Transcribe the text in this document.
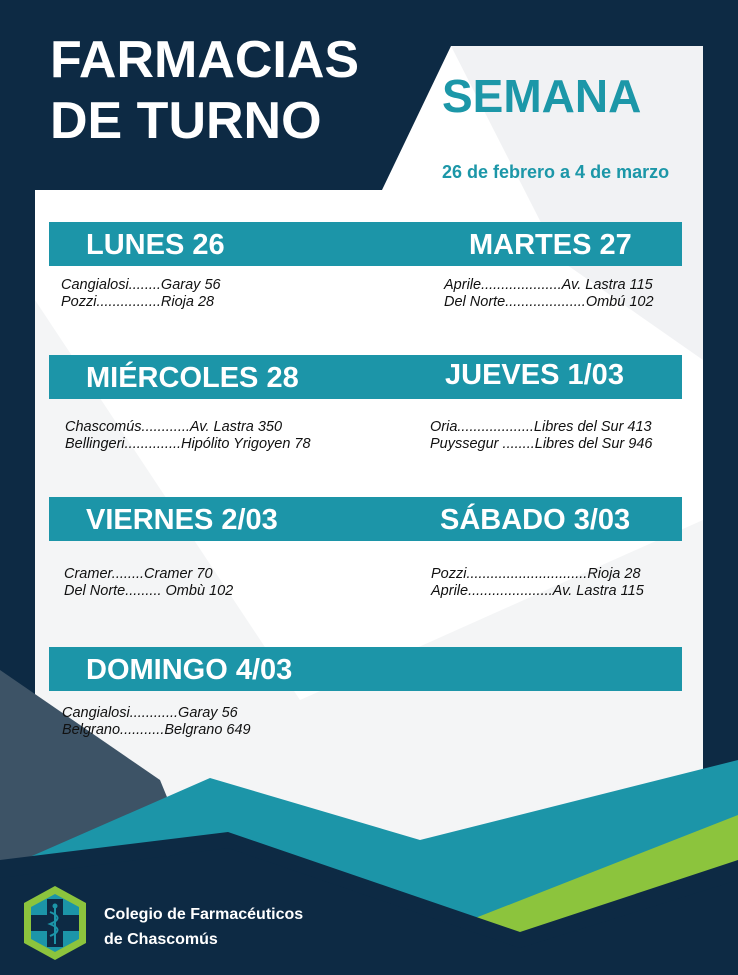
FARMACIAS
DE TURNO	SEMANA
26 de febrero a 4 de marzo
LUNES 26	MARTES 27
MIÉRCOLES 28	JUEVES 1/03
VIERNES 2/03	SÁBADO 3/03
DOMINGO 4/03
Cangialosi........Garay 56
Pozzi................Rioja 28
Aprile....................Av. Lastra 115
Del Norte....................Ombú 102
Chascomús............Av. Lastra 350
Bellingeri..............Hipólito Yrigoyen 78
Oria...................Libres del Sur 413
Puyssegur ........Libres del Sur 946
Cramer........Cramer 70
Del Norte......... Ombù 102
Pozzi..............................Rioja 28
Aprile.....................Av. Lastra 115
Cangialosi............Garay 56
Belgrano...........Belgrano 649
Colegio de Farmacéuticos
de Chascomús
